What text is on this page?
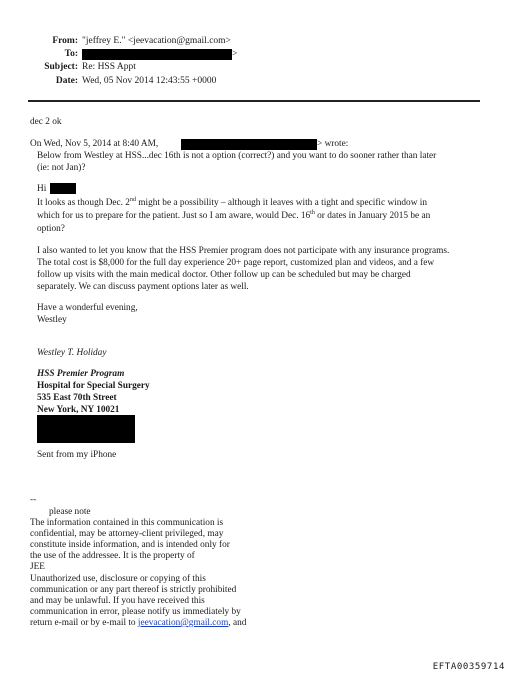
From: "jeffrey E." <jeevacation@gmail.com>
To:	>
Subject: Re: HSS Appt
Date: Wed, 05 Nov 2014 12:43:55 +0000
dec 2 ok
On Wed, Nov 5, 2014 at 8:40 AM,	> wrote:
Below from Westley at HSS...dec 16th is not a option (correct?) and you want to do sooner rather than later
(ie: not Jan)?
Hi
It looks as though Dec. 2nd might be a possibility – although it leaves with a tight and specific window in
which for us to prepare for the patient. Just so I am aware, would Dec. 16th or dates in January 2015 be an
option?
I also wanted to let you know that the HSS Premier program does not participate with any insurance programs.
The total cost is $8,000 for the full day experience 20+ page report, customized plan and videos, and a few
follow up visits with the main medical doctor. Other follow up can be scheduled but may be charged
separately. We can discuss payment options later as well.
Have a wonderful evening,
Westley
Westley T. Holiday
HSS Premier Program
Hospital for Special Surgery
535 East 70th Street
New York, NY 10021
Sent from my iPhone
--
please note
The information contained in this communication is
confidential, may be attorney-client privileged, may
constitute inside information, and is intended only for
the use of the addressee. It is the property of
JEE
Unauthorized use, disclosure or copying of this
communication or any part thereof is strictly prohibited
and may be unlawful. If you have received this
communication in error, please notify us immediately by
return e-mail or by e-mail to jeevacation@gmail.com, and
EFTA00359714
